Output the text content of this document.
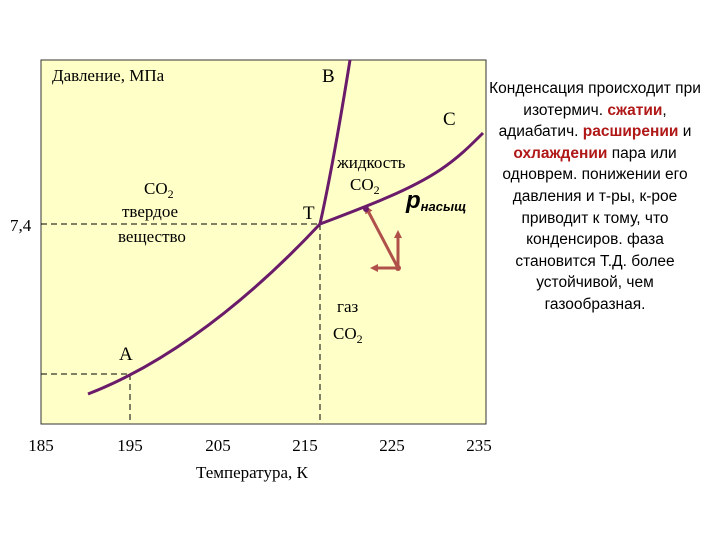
Давление, МПа
Температура, К
7,4
185	195	205	215	225	235
A
B
C
T
$CO_2$
твердое
вещество
жидкость
$CO_2$
газ
$CO_2$
pнасыщ
Конденсация происходит при изотермич. сжатии, адиабатич. расширении и охлаждении пара или одноврем. понижении его давления и т-ры, к-рое приводит к тому, что конденсиров. фаза становится Т.Д. более устойчивой, чем газообразная.
